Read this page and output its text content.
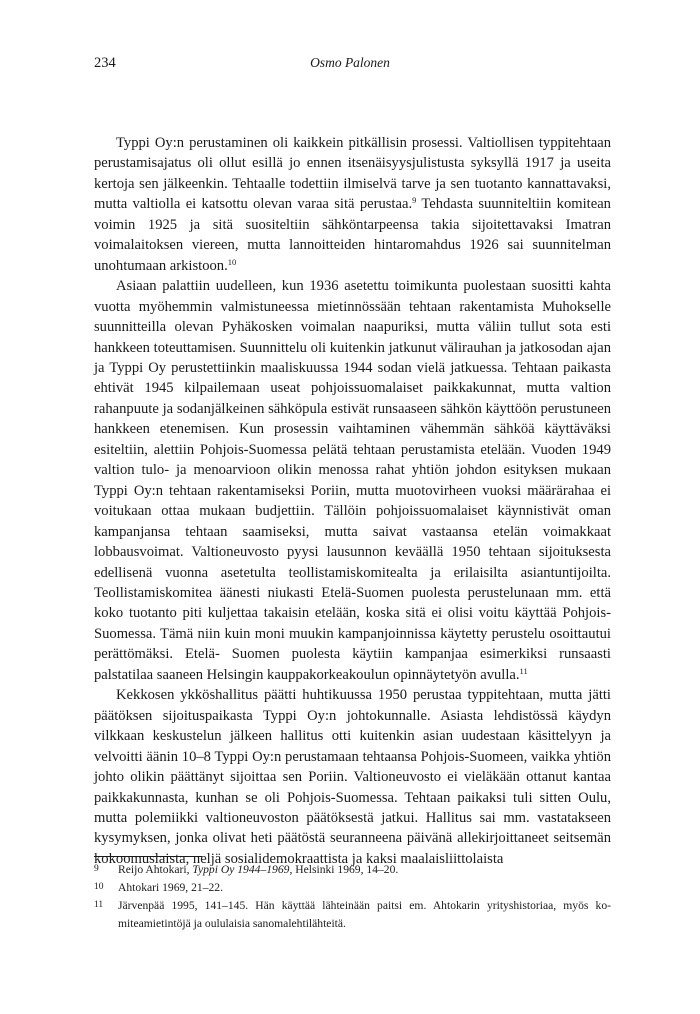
234	Osmo Palonen

Typpi Oy:n perustaminen oli kaikkein pitkällisin prosessi. Valtiollisen typpitehtaan perustamisajatus oli ollut esillä jo ennen itsenäisyysjulistusta syksyllä 1917 ja useita kertoja sen jälkeenkin. Tehtaalle todettiin ilmiselvä tarve ja sen tuotanto kannattavaksi, mutta valtiolla ei katsottu olevan varaa sitä perustaa.$^9$ Tehdasta suunniteltiin komitean voimin 1925 ja sitä suositeltiin sähköntarpeensa takia sijoitettavaksi Imatran voimalaitoksen viereen, mutta lannoitteiden hintaromahdus 1926 sai suunnitelman unohtumaan arkistoon.$^{10}$

Asiaan palattiin uudelleen, kun 1936 asetettu toimikunta puolestaan suositti kahta vuotta myöhemmin valmistuneessa mietinnössään tehtaan rakentamista Muhokselle suunnitteilla olevan Pyhäkosken voimalan naapuriksi, mutta väliin tullut sota esti hankkeen toteuttamisen. Suunnittelu oli kuitenkin jatkunut välirauhan ja jatkosodan ajan ja Typpi Oy perustettiinkin maaliskuussa 1944 sodan vielä jatkuessa. Tehtaan paikasta ehtivät 1945 kilpailemaan useat pohjoissuomalaiset paikkakunnat, mutta valtion rahanpuute ja sodanjälkeinen sähköpula estivät runsaaseen sähkön käyttöön perustuneen hankkeen etenemisen. Kun prosessin vaihtaminen vähemmän sähköä käyttäväksi esiteltiin, alettiin Pohjois-Suomessa pelätä tehtaan perustamista etelään. Vuoden 1949 valtion tulo- ja menoarvioon olikin menossa rahat yhtiön johdon esityksen mukaan Typpi Oy:n tehtaan rakentamiseksi Poriin, mutta muotovirheen vuoksi määrärahaa ei voitukaan ottaa mukaan budjettiin. Tällöin pohjoissuomalaiset käynnistivät oman kampanjansa tehtaan saamiseksi, mutta saivat vastaansa etelän voimakkaat lobbausvoimat. Valtioneuvosto pyysi lausunnon keväällä 1950 tehtaan sijoituksesta edellisenä vuonna asetetulta teollistamiskomitealta ja erilaisilta asiantuntijoilta. Teollistamiskomitea äänesti niukasti Etelä-Suomen puolesta perustelunaan mm. että koko tuotanto piti kuljettaa takaisin etelään, koska sitä ei olisi voitu käyttää Pohjois-Suomessa. Tämä niin kuin moni muukin kampanjoinnissa käytetty perustelu osoittautui perättömäksi. Etelä- Suomen puolesta käytiin kampanjaa esimerkiksi runsaasti palstatilaa saaneen Helsingin kauppakorkeakoulun opinnäytetyön avulla.$^{11}$

Kekkosen ykköshallitus päätti huhtikuussa 1950 perustaa typpitehtaan, mutta jätti päätöksen sijoituspaikasta Typpi Oy:n johtokunnalle. Asiasta lehdistössä käydyn vilkkaan keskustelun jälkeen hallitus otti kuitenkin asian uudestaan käsittelyyn ja velvoitti äänin 10–8 Typpi Oy:n perustamaan tehtaansa Pohjois-Suomeen, vaikka yhtiön johto olikin päättänyt sijoittaa sen Poriin. Valtioneuvosto ei vieläkään ottanut kantaa paikkakunnasta, kunhan se oli Pohjois-Suomessa. Tehtaan paikaksi tuli sitten Oulu, mutta polemiikki valtioneuvoston päätöksestä jatkui. Hallitus sai mm. vastatakseen kysymyksen, jonka olivat heti päätöstä seuranneena päivänä allekirjoittaneet seitsemän kokoomuslaista, neljä sosialidemokraattista ja kaksi maalaisliittolaista

9	Reijo Ahtokari, Typpi Oy 1944–1969, Helsinki 1969, 14–20.
10	Ahtokari 1969, 21–22.
11	Järvenpää 1995, 141–145. Hän käyttää lähteinään paitsi em. Ahtokarin yrityshistoriaa, myös komiteamietintöjä ja oululaisia sanomalehtilähteitä.
